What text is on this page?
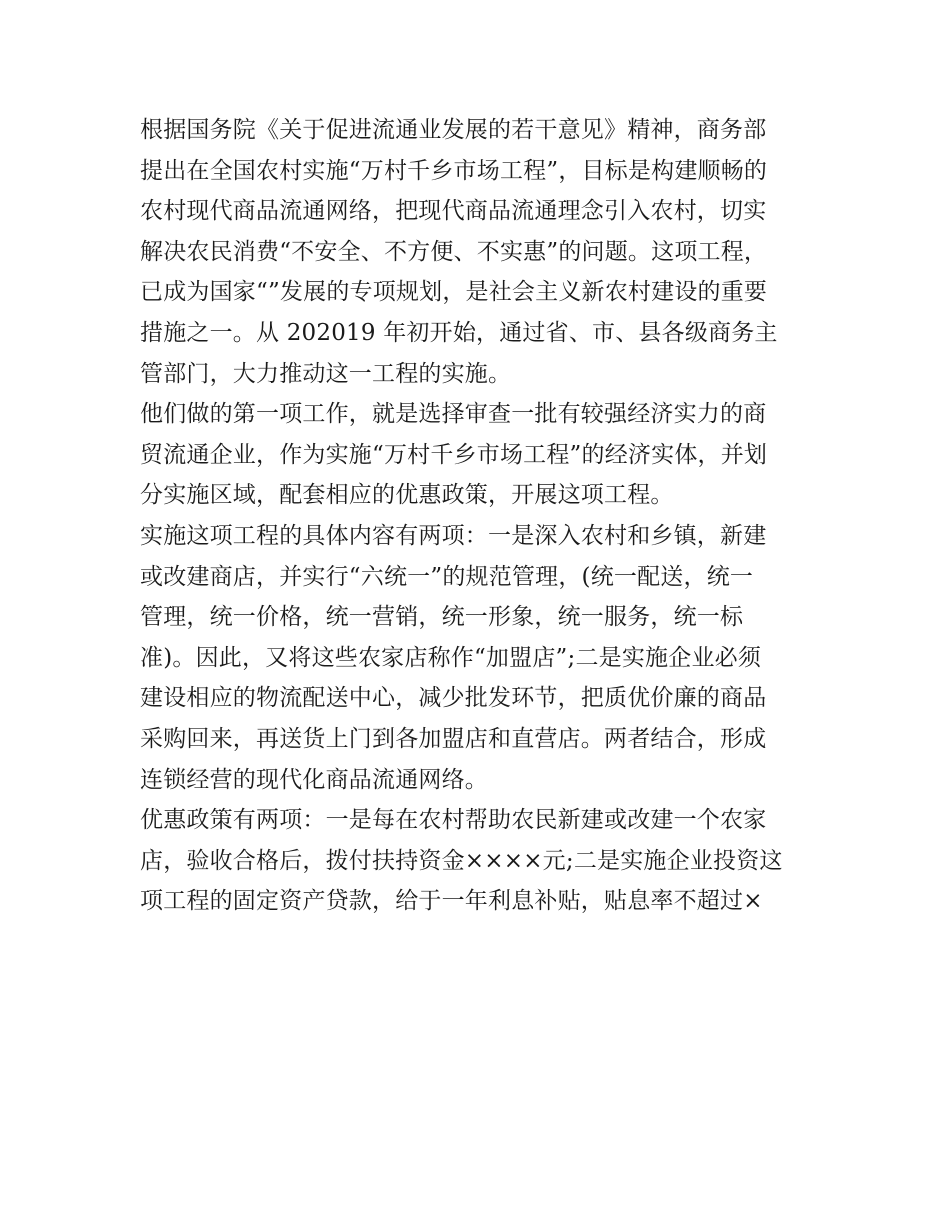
根据国务院《关于促进流通业发展的若干意见》精神，商务部
提出在全国农村实施“万村千乡市场工程”，目标是构建顺畅的
农村现代商品流通网络，把现代商品流通理念引入农村，切实
解决农民消费“不安全、不方便、不实惠”的问题。这项工程，
已成为国家“”发展的专项规划，是社会主义新农村建设的重要
措施之一。从 202019 年初开始，通过省、市、县各级商务主
管部门，大力推动这一工程的实施。
他们做的第一项工作，就是选择审查一批有较强经济实力的商
贸流通企业，作为实施“万村千乡市场工程”的经济实体，并划
分实施区域，配套相应的优惠政策，开展这项工程。
实施这项工程的具体内容有两项：一是深入农村和乡镇，新建
或改建商店，并实行“六统一”的规范管理，(统一配送，统一
管理，统一价格，统一营销，统一形象，统一服务，统一标
准)。因此，又将这些农家店称作“加盟店”;二是实施企业必须
建设相应的物流配送中心，减少批发环节，把质优价廉的商品
采购回来，再送货上门到各加盟店和直营店。两者结合，形成
连锁经营的现代化商品流通网络。
优惠政策有两项：一是每在农村帮助农民新建或改建一个农家
店，验收合格后，拨付扶持资金××××元;二是实施企业投资这
项工程的固定资产贷款，给于一年利息补贴，贴息率不超过×
